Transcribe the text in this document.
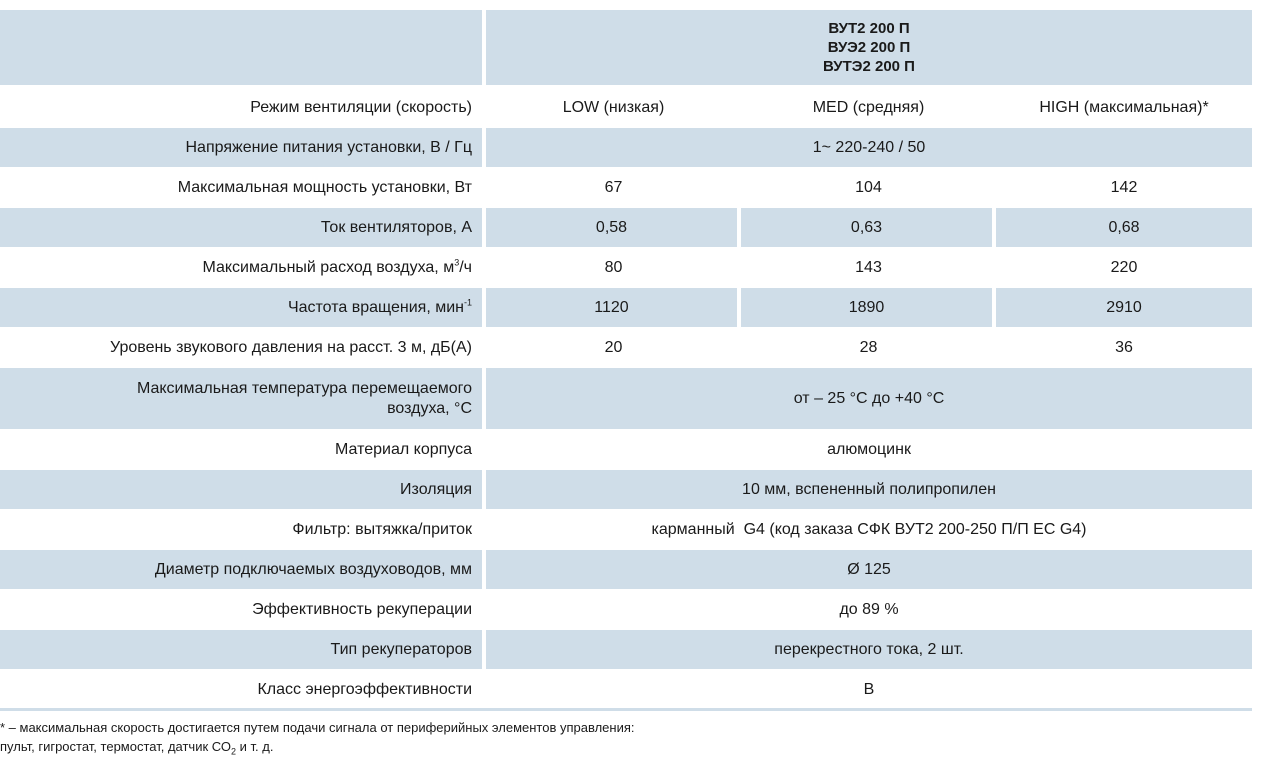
	ВУТ2 200 П
ВУЭ2 200 П
ВУТЭ2 200 П		

Режим вентиляции (скорость)	LOW (низкая)	MED (средняя)	HIGH (максимальная)*
Напряжение питания установки, В / Гц	1~ 220-240 / 50		
Максимальная мощность установки, Вт	67	104	142
Ток вентиляторов, А	0,58	0,63	0,68
Максимальный расход воздуха, $м^3/ч$	80	143	220
Частота вращения, мин$^{-1}$	1120	1890	2910
Уровень звукового давления на расст. 3 м, дБ(А)	20	28	36
Максимальная температура перемещаемого
воздуха, °С	от – 25 °С до +40 °С		
Материал корпуса	алюмоцинк		
Изоляция	10 мм, вспененный полипропилен		
Фильтр: вытяжка/приток	карманный  G4 (код заказа СФК ВУТ2 200-250 П/П ЕС G4)		
Диаметр подключаемых воздуховодов, мм	Ø 125		
Эффективность рекуперации	до 89 %		
Тип рекуператоров	перекрестного тока, 2 шт.		
Класс энергоэффективности	B		
* – максимальная скорость достигается путем подачи сигнала от периферийных элементов управления:
пульт, гигростат, термостат, датчик $СО_2$ и т. д.
